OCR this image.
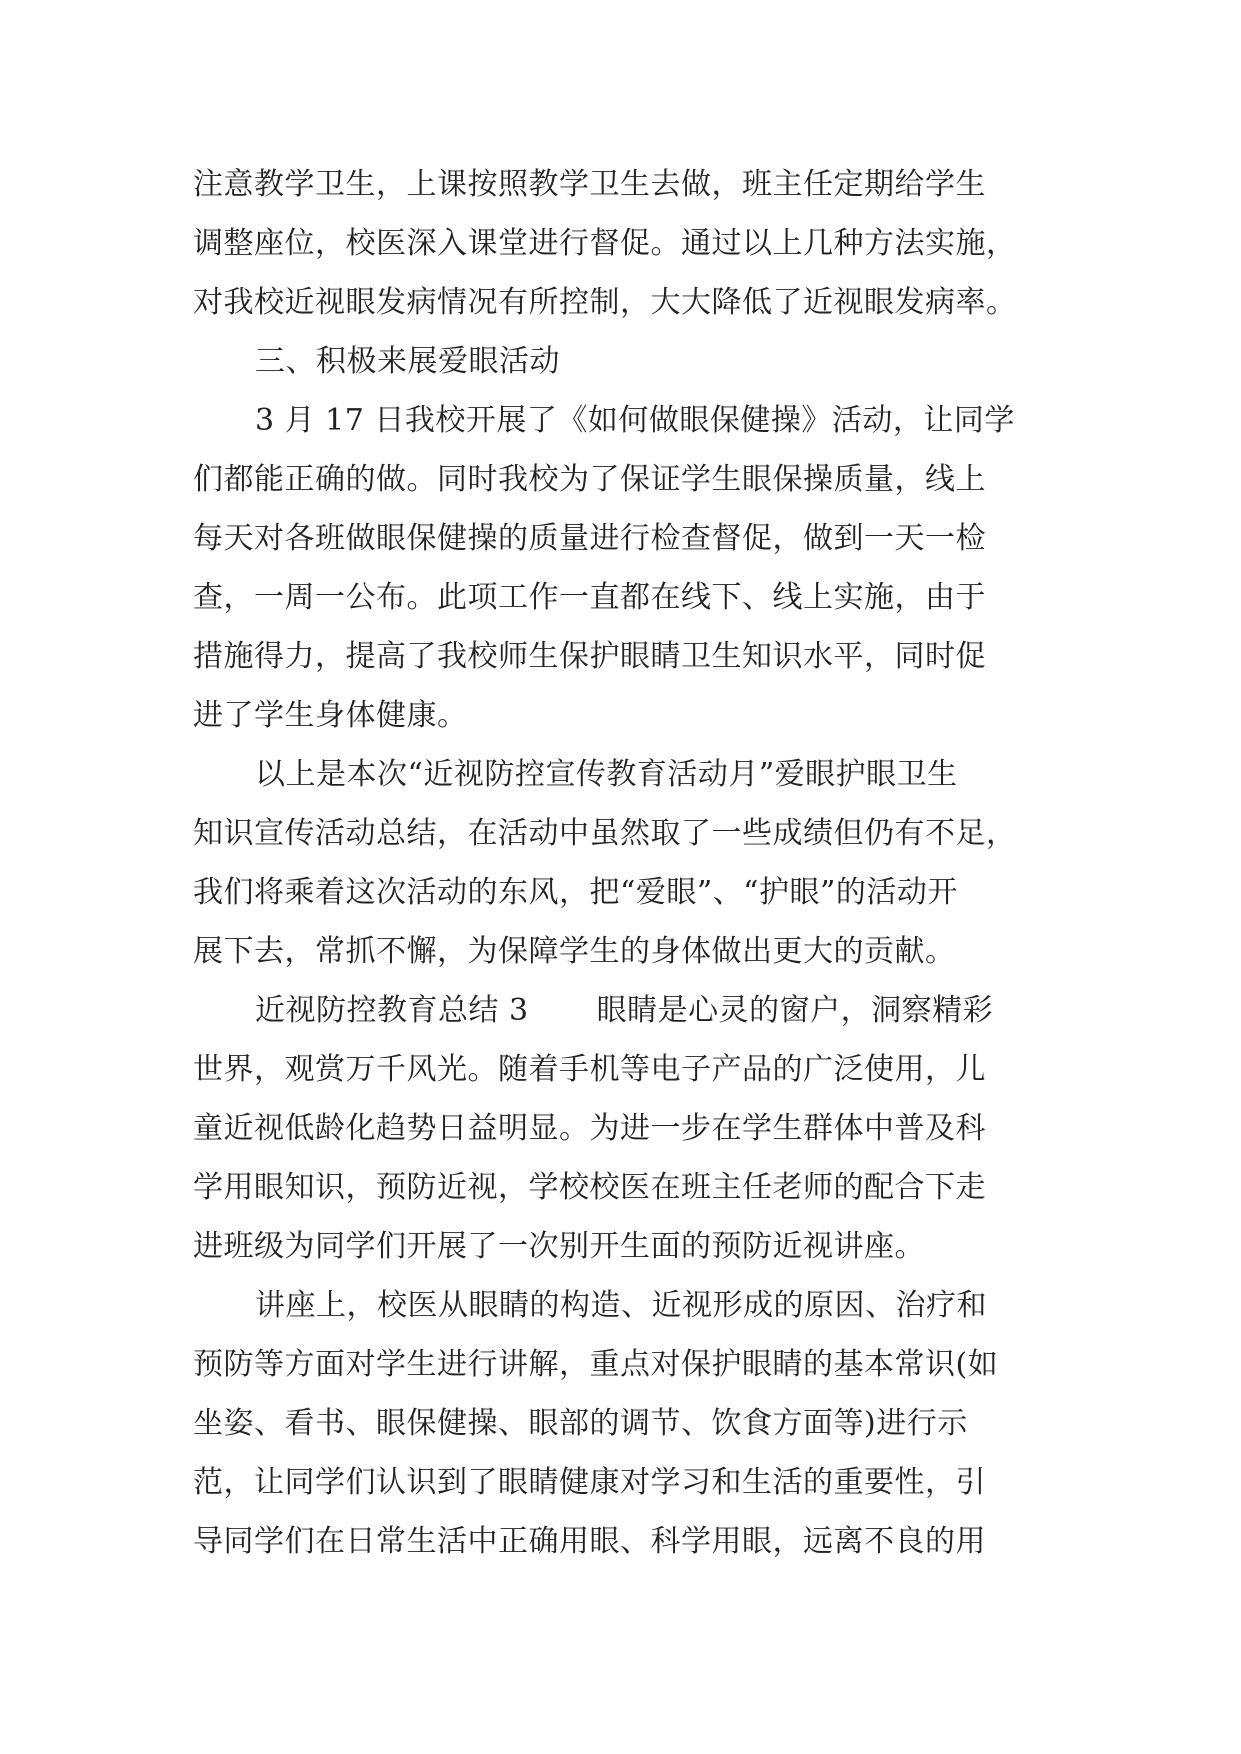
注意教学卫生，上课按照教学卫生去做，班主任定期给学生
调整座位，校医深入课堂进行督促。通过以上几种方法实施，
对我校近视眼发病情况有所控制，大大降低了近视眼发病率。
三、积极来展爱眼活动
3 月 17 日我校开展了《如何做眼保健操》活动，让同学
们都能正确的做。同时我校为了保证学生眼保操质量，线上
每天对各班做眼保健操的质量进行检查督促，做到一天一检
查，一周一公布。此项工作一直都在线下、线上实施，由于
措施得力，提高了我校师生保护眼睛卫生知识水平，同时促
进了学生身体健康。
以上是本次“近视防控宣传教育活动月”爱眼护眼卫生
知识宣传活动总结，在活动中虽然取了一些成绩但仍有不足，
我们将乘着这次活动的东风，把“爱眼”、“护眼”的活动开
展下去，常抓不懈，为保障学生的身体做出更大的贡献。
近视防控教育总结 3 眼睛是心灵的窗户，洞察精彩
世界，观赏万千风光。随着手机等电子产品的广泛使用，儿
童近视低龄化趋势日益明显。为进一步在学生群体中普及科
学用眼知识，预防近视，学校校医在班主任老师的配合下走
进班级为同学们开展了一次别开生面的预防近视讲座。
讲座上，校医从眼睛的构造、近视形成的原因、治疗和
预防等方面对学生进行讲解，重点对保护眼睛的基本常识(如
坐姿、看书、眼保健操、眼部的调节、饮食方面等)进行示
范，让同学们认识到了眼睛健康对学习和生活的重要性，引
导同学们在日常生活中正确用眼、科学用眼，远离不良的用
